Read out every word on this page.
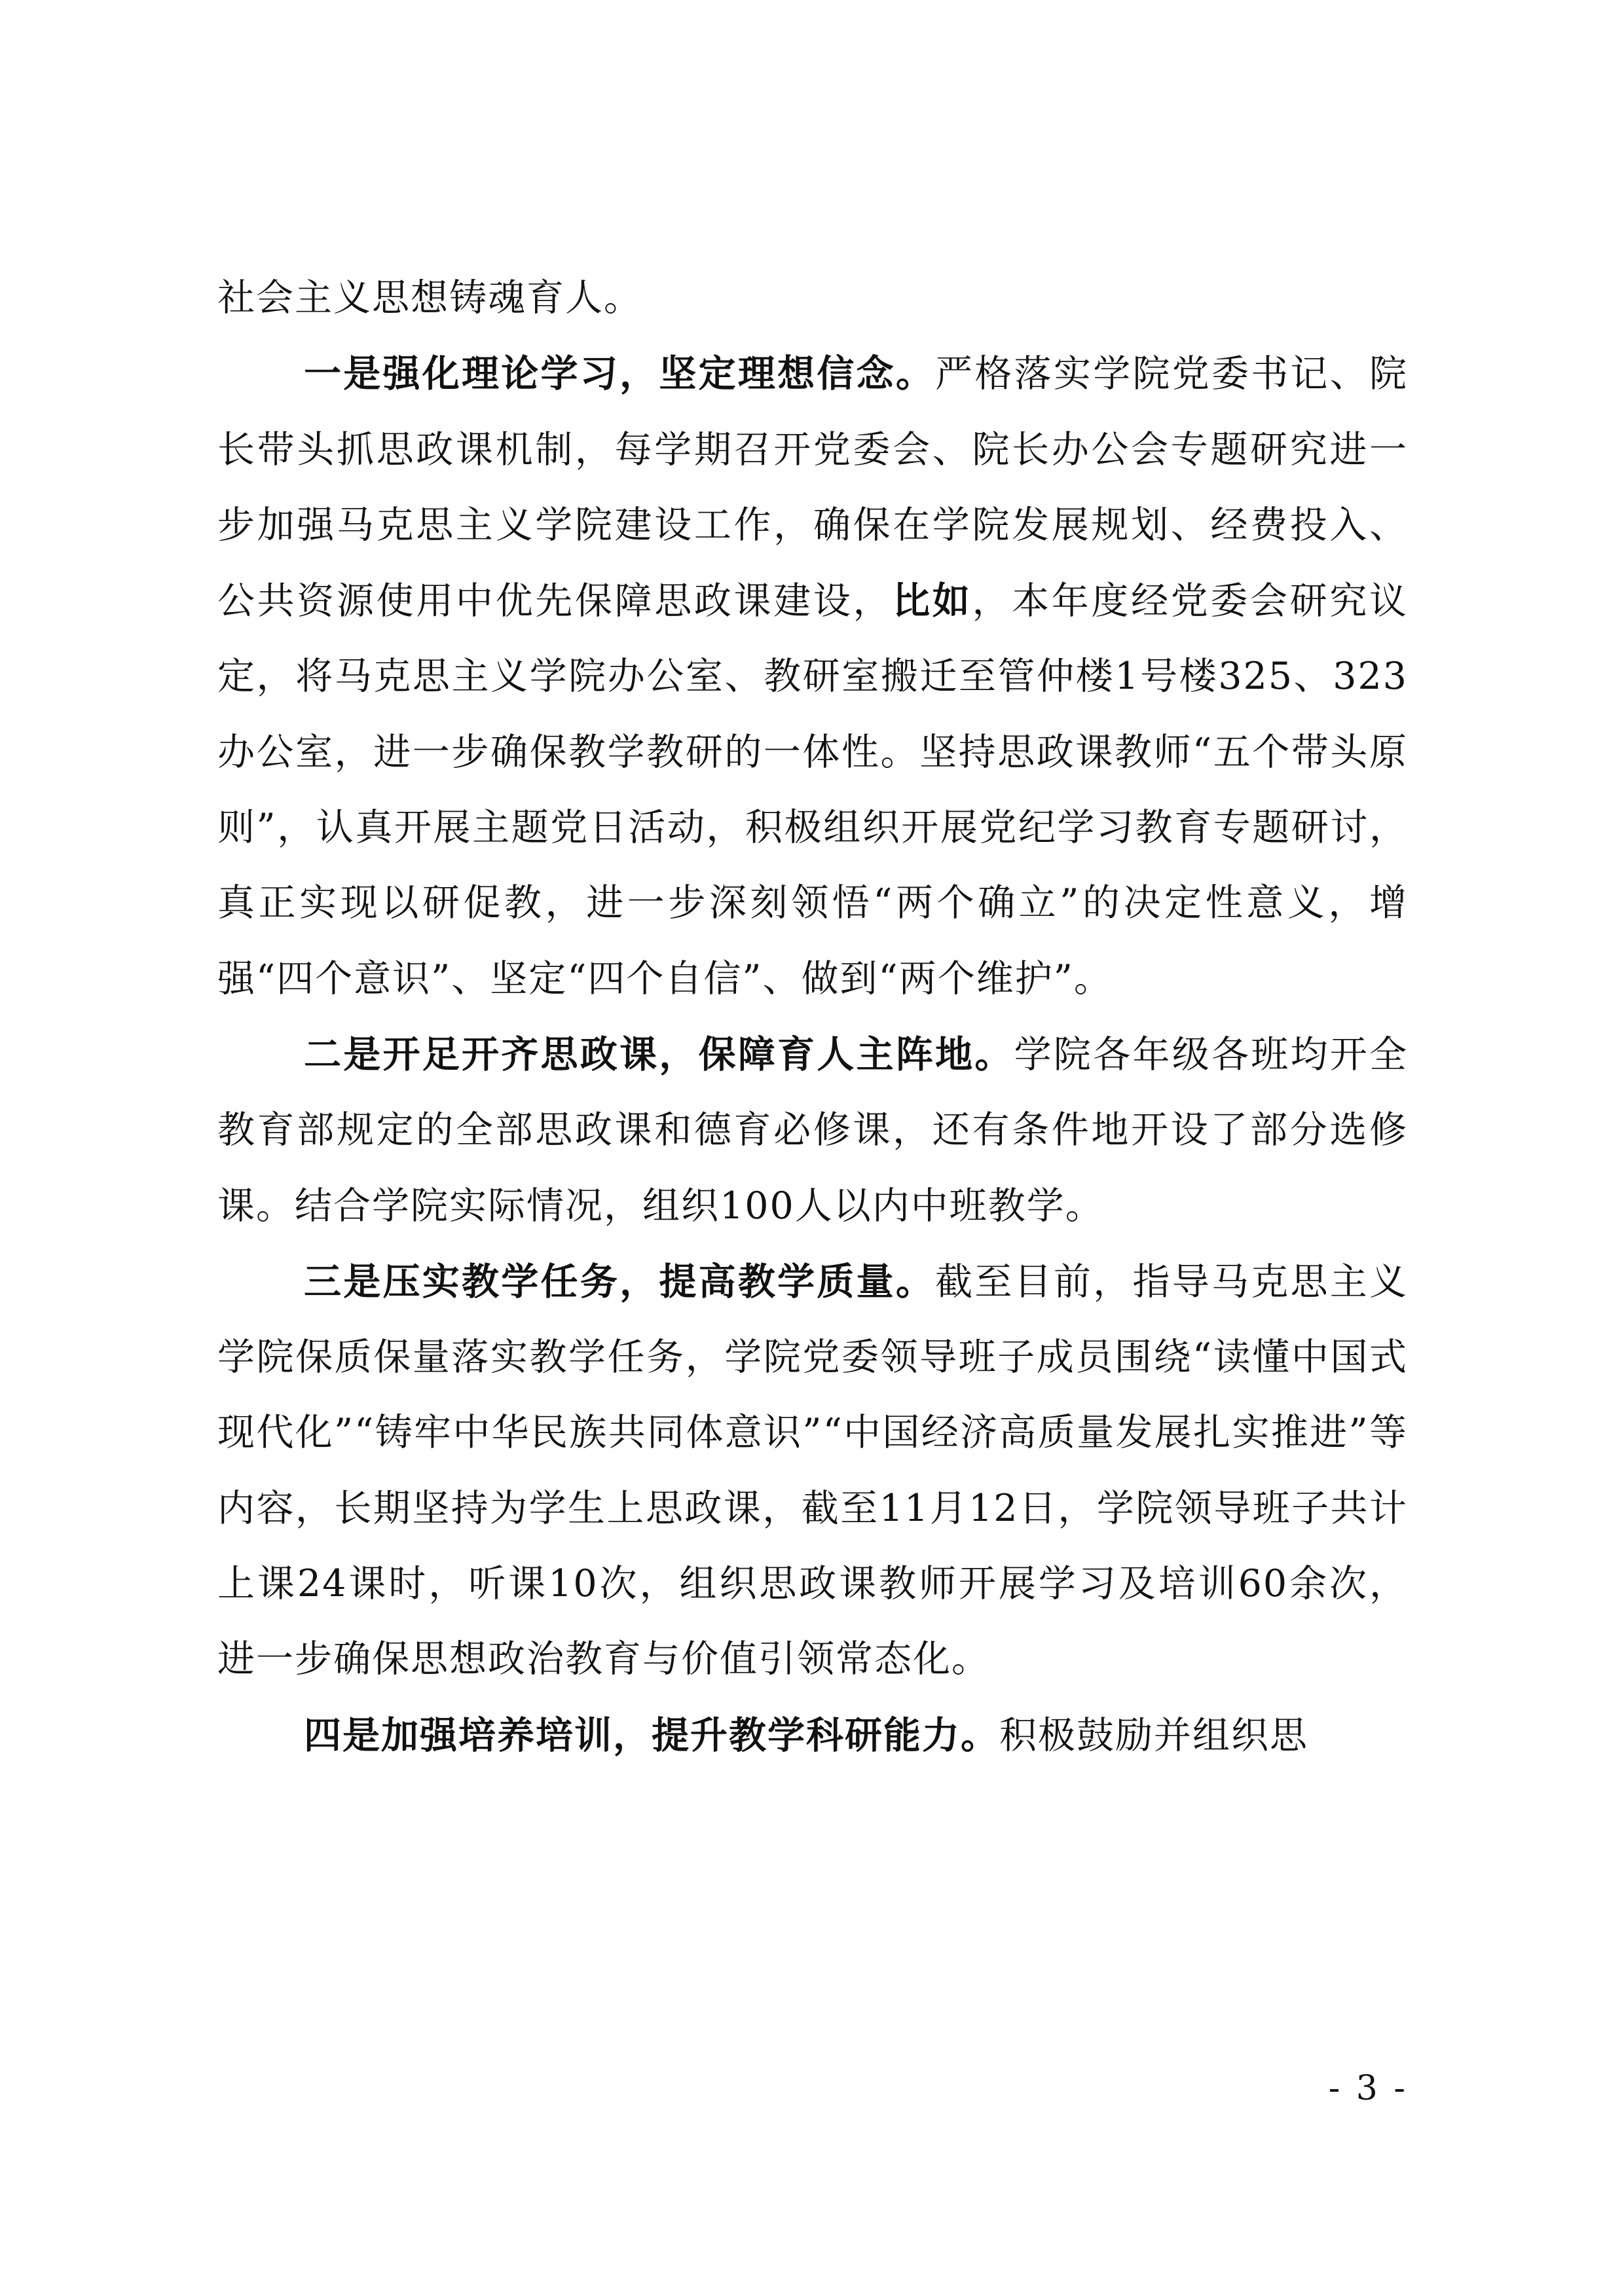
社会主义思想铸魂育人。

一是强化理论学习，坚定理想信念。严格落实学院党委书记、院长带头抓思政课机制，每学期召开党委会、院长办公会专题研究进一步加强马克思主义学院建设工作，确保在学院发展规划、经费投入、公共资源使用中优先保障思政课建设，比如，本年度经党委会研究议定，将马克思主义学院办公室、教研室搬迁至管仲楼1号楼325、323办公室，进一步确保教学教研的一体性。坚持思政课教师“五个带头原则”，认真开展主题党日活动，积极组织开展党纪学习教育专题研讨，真正实现以研促教，进一步深刻领悟“两个确立”的决定性意义，增强“四个意识”、坚定“四个自信”、做到“两个维护”。

二是开足开齐思政课，保障育人主阵地。学院各年级各班均开全教育部规定的全部思政课和德育必修课，还有条件地开设了部分选修课。结合学院实际情况，组织100人以内中班教学。

三是压实教学任务，提高教学质量。截至目前，指导马克思主义学院保质保量落实教学任务，学院党委领导班子成员围绕“读懂中国式现代化”“铸牢中华民族共同体意识”“中国经济高质量发展扎实推进”等内容，长期坚持为学生上思政课，截至11月12日，学院领导班子共计上课24课时，听课10次，组织思政课教师开展学习及培训60余次，进一步确保思想政治教育与价值引领常态化。

四是加强培养培训，提升教学科研能力。积极鼓励并组织思

- 3 -
